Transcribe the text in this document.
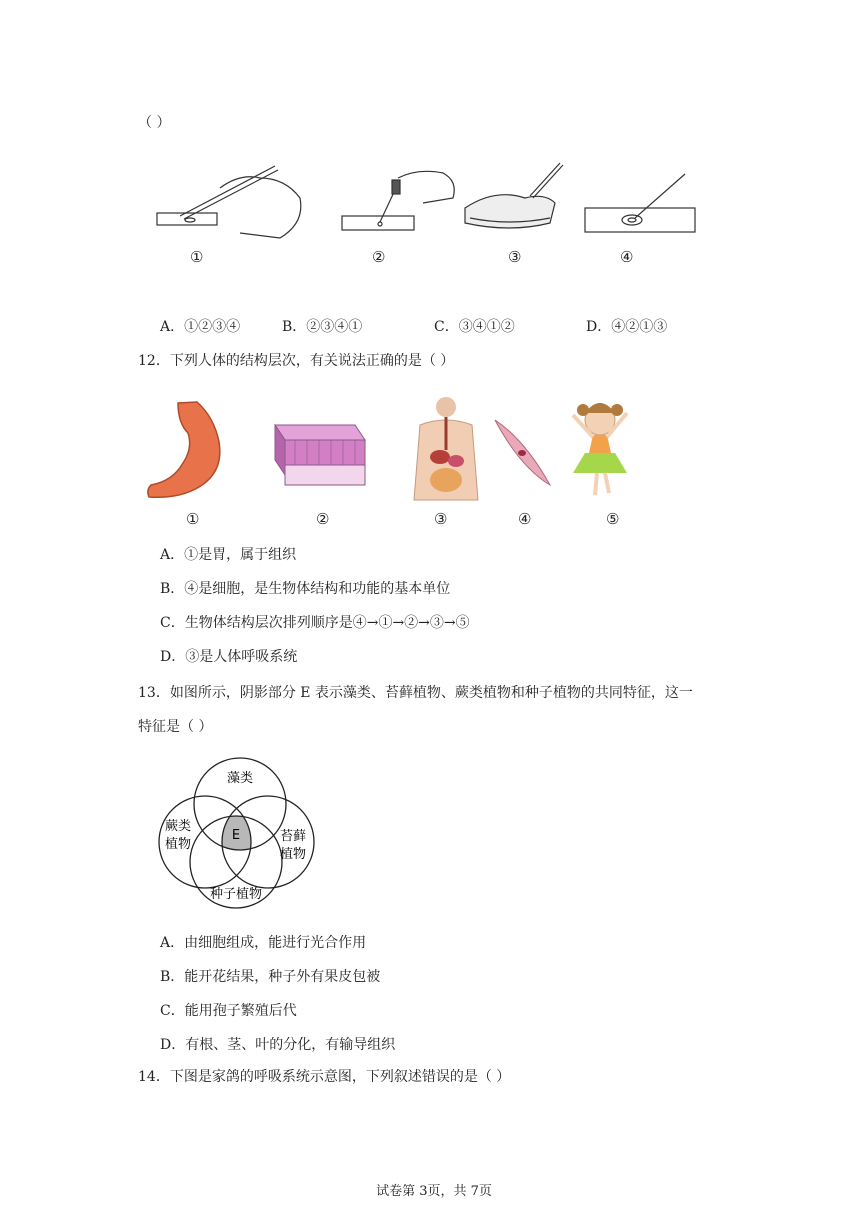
（ ）
①	②	③	④
A．①②③④	B．②③④①	C．③④①②	D．④②①③
12．下列人体的结构层次，有关说法正确的是（ ）
①	②	③	④	⑤
A．①是胃，属于组织
B．④是细胞，是生物体结构和功能的基本单位
C．生物体结构层次排列顺序是④→①→②→③→⑤
D．③是人体呼吸系统
13．如图所示，阴影部分 E 表示藻类、苔藓植物、蕨类植物和种子植物的共同特征，这一
特征是（ ）
藻类
蕨类
植物
苔藓
植物
种子植物
E
A．由细胞组成，能进行光合作用
B．能开花结果，种子外有果皮包被
C．能用孢子繁殖后代
D．有根、茎、叶的分化，有输导组织
14．下图是家鸽的呼吸系统示意图，下列叙述错误的是（ ）
试卷第 3页，共 7页
